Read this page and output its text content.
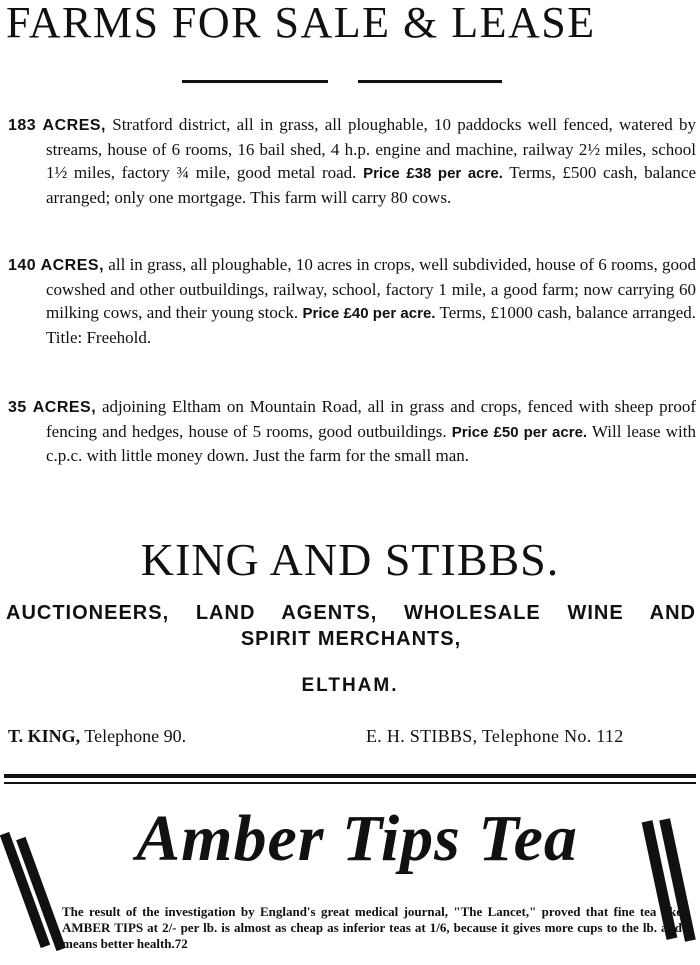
FARMS FOR SALE & LEASE
183 ACRES, Stratford district, all in grass, all ploughable, 10 paddocks well fenced, watered by streams, house of 6 rooms, 16 bail shed, 4 h.p. engine and machine, railway 2½ miles, school 1½ miles, factory ¾ mile, good metal road. Price £38 per acre. Terms, £500 cash, balance arranged; only one mortgage. This farm will carry 80 cows.
140 ACRES, all in grass, all ploughable, 10 acres in crops, well subdivided, house of 6 rooms, good cowshed and other outbuildings, railway, school, factory 1 mile, a good farm; now carrying 60 milking cows, and their young stock. Price £40 per acre. Terms, £1000 cash, balance arranged. Title: Freehold.
35 ACRES, adjoining Eltham on Mountain Road, all in grass and crops, fenced with sheep proof fencing and hedges, house of 5 rooms, good outbuildings. Price £50 per acre. Will lease with c.p.c. with little money down. Just the farm for the small man.
KING AND STIBBS.
AUCTIONEERS, LAND AGENTS, WHOLESALE WINE AND
SPIRIT MERCHANTS,
ELTHAM.
T. KING, Telephone 90.	E. H. STIBBS, Telephone No. 112
Amber Tips Tea
The result of the investigation by England's great medical journal, "The Lancet," proved that fine tea like AMBER TIPS at 2/- per lb. is almost as cheap as inferior teas at 1/6, because it gives more cups to the lb. and means better health.72
